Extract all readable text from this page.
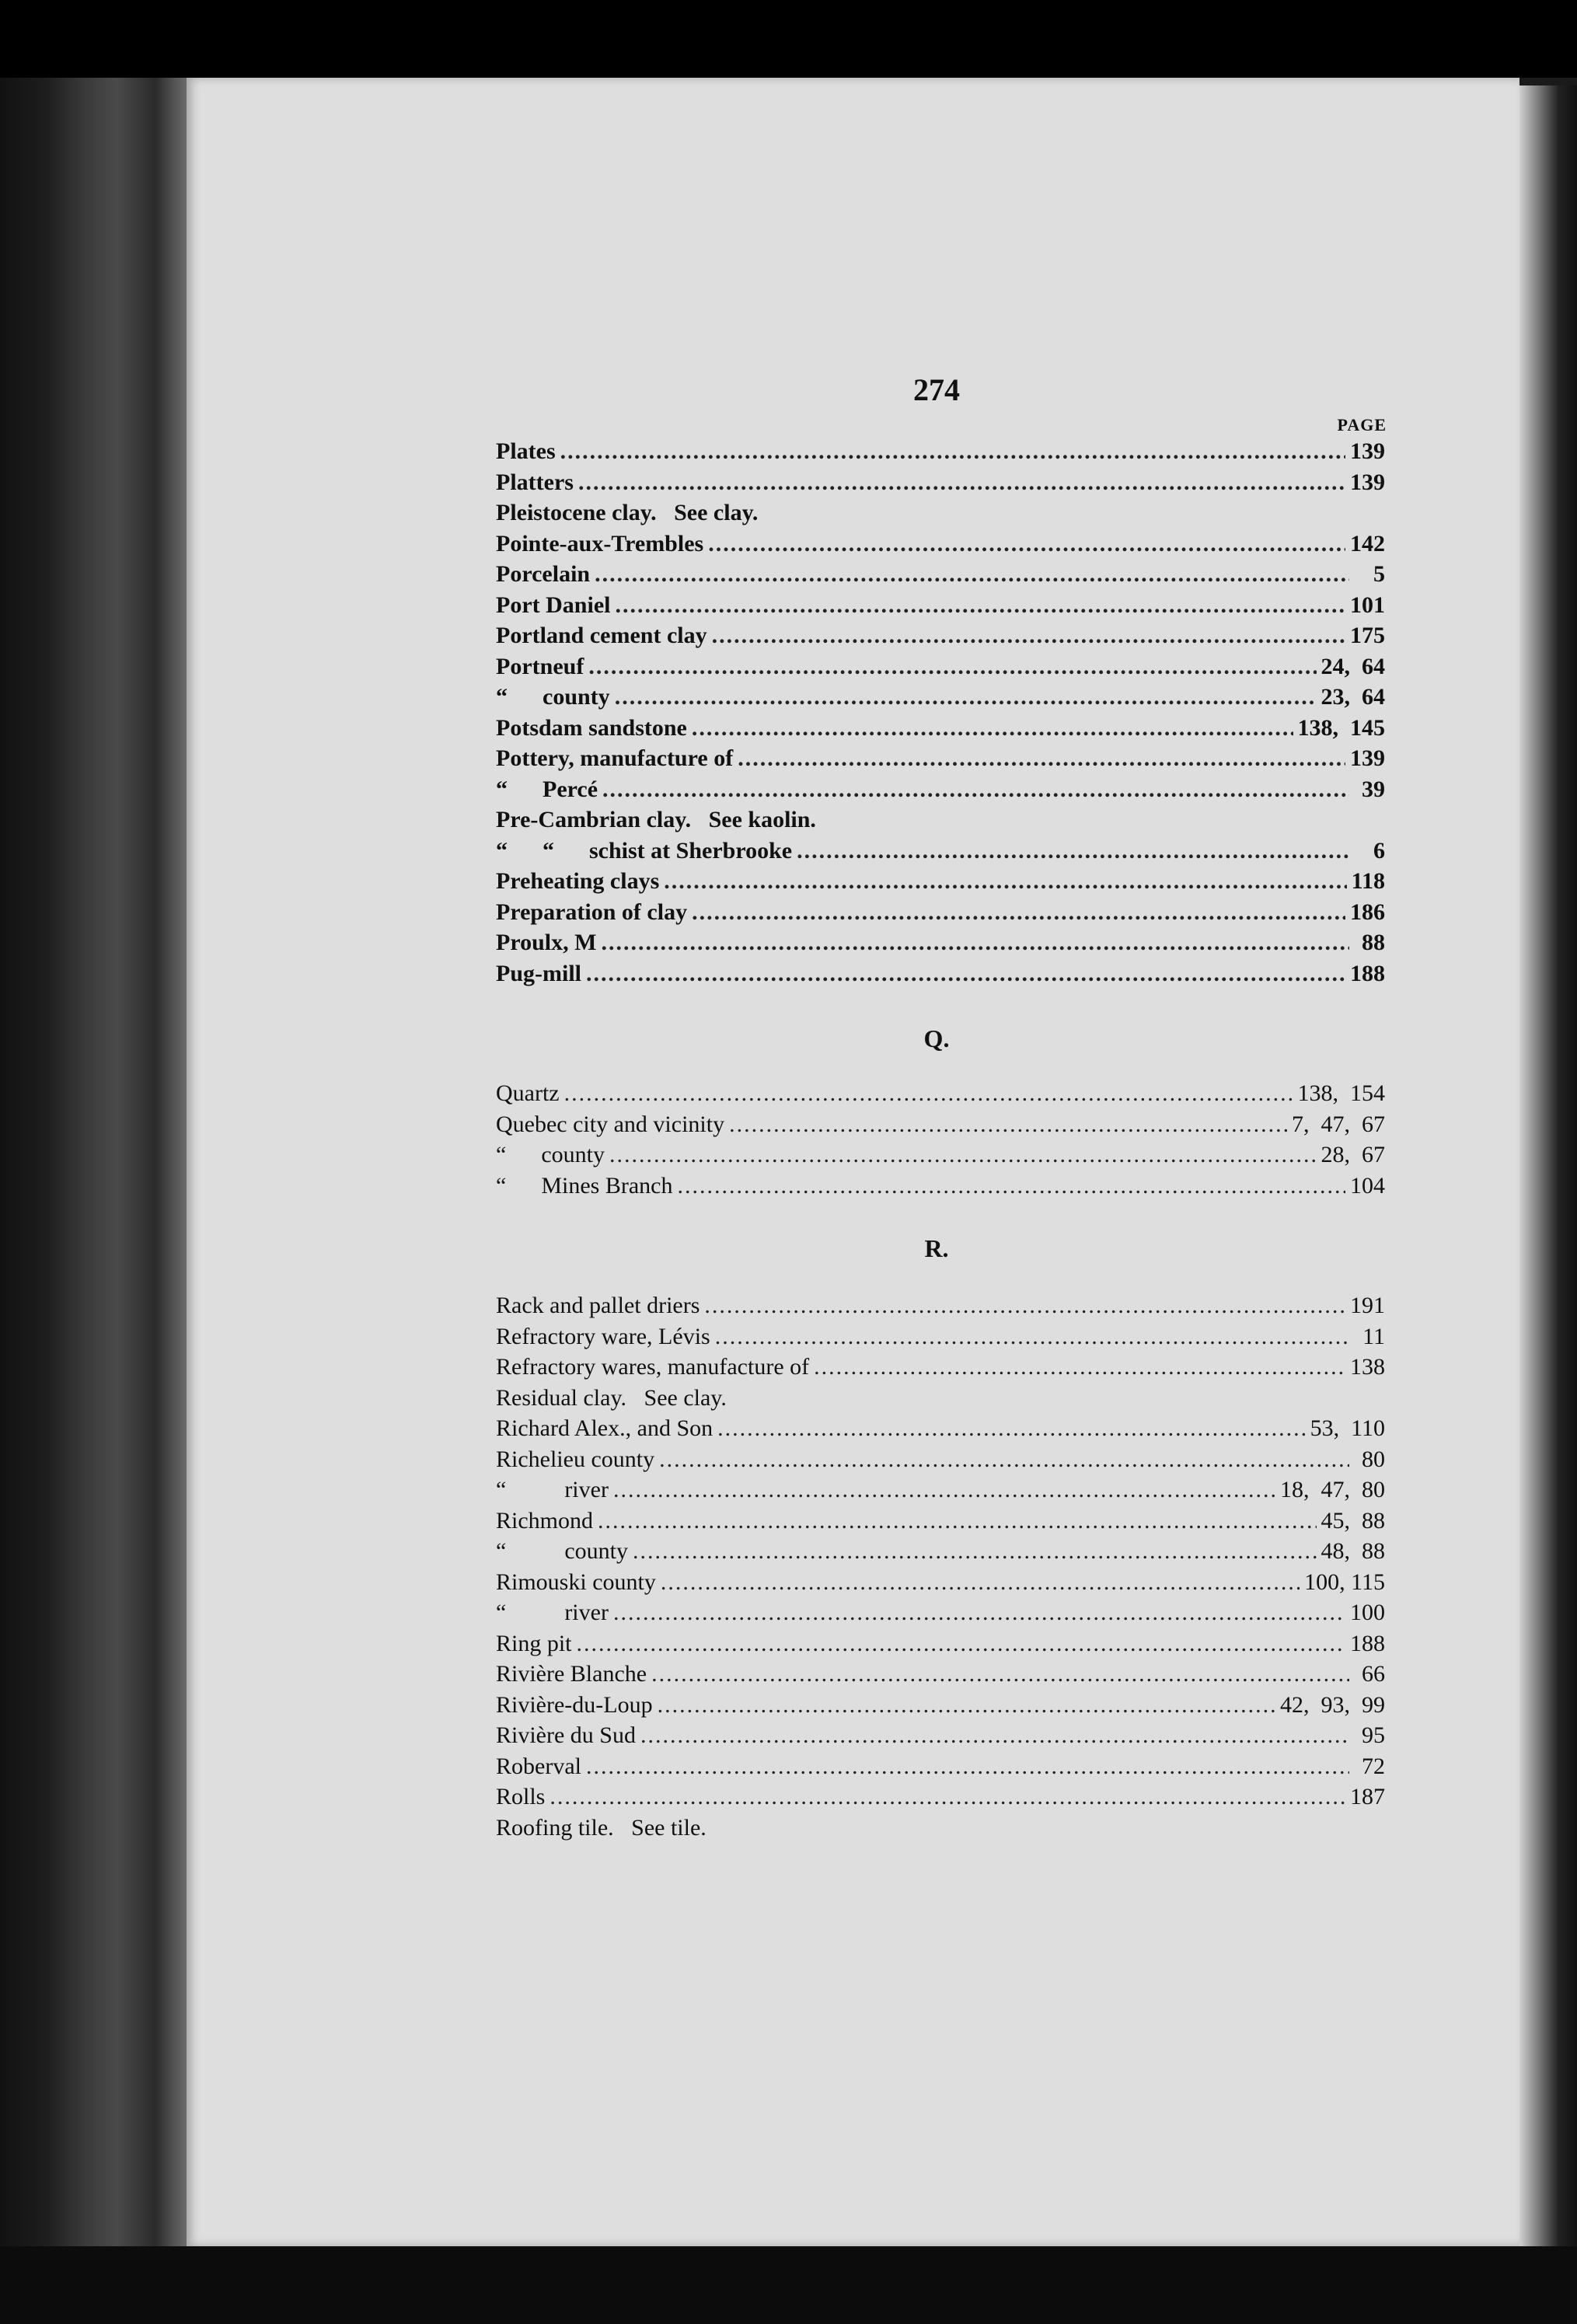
274
PAGE
Plates .....	139
Platters .....	139
Pleistocene clay.   See clay.
Pointe-aux-Trembles .....	142
Porcelain .....	5
Port Daniel .....	101
Portland cement clay .....	175
Portneuf .....	24,  64
“      county .....	23,  64
Potsdam sandstone .....	138,  145
Pottery, manufacture of .....	139
“      Percé .....	39
Pre-Cambrian clay.   See kaolin.
“      “      schist at Sherbrooke .....	6
Preheating clays .....	118
Preparation of clay .....	186
Proulx, M .....	88
Pug-mill .....	188
Q.
Quartz .....	138,  154
Quebec city and vicinity .....	7,  47,  67
“      county .....	28,  67
“      Mines Branch .....	104
R.
Rack and pallet driers .....	191
Refractory ware, Lévis .....	11
Refractory wares, manufacture of .....	138
Residual clay.   See clay.
Richard Alex., and Son .....	53,  110
Richelieu county .....	80
“          river .....	18,  47,  80
Richmond .....	45,  88
“          county .....	48,  88
Rimouski county .....	100, 115
“          river .....	100
Ring pit .....	188
Rivière Blanche .....	66
Rivière-du-Loup .....	42,  93,  99
Rivière du Sud .....	95
Roberval .....	72
Rolls .....	187
Roofing tile.   See tile.
